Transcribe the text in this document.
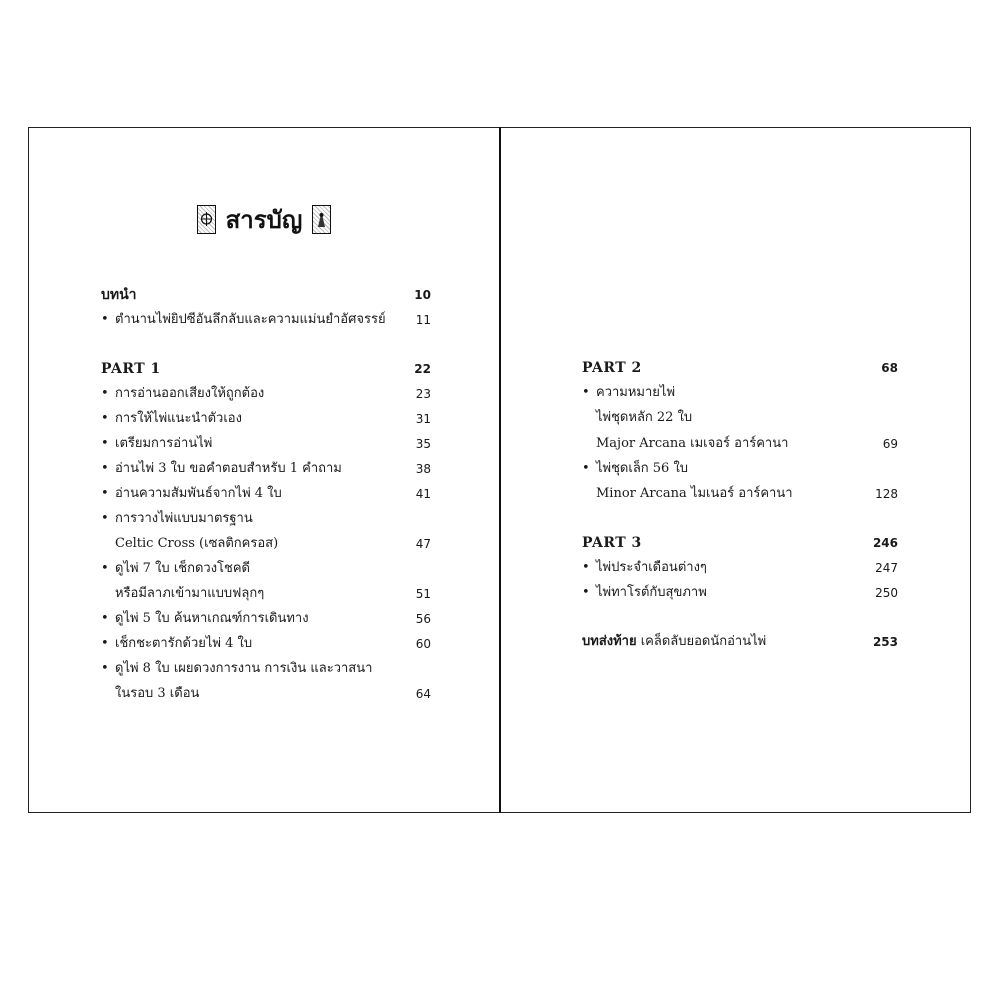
สารบัญ
บทนำ	10
• ตำนานไพ่ยิปซีอันลึกลับและความแม่นยำอัศจรรย์	11
PART 1	22
• การอ่านออกเสียงให้ถูกต้อง	23
• การให้ไพ่แนะนำตัวเอง	31
• เตรียมการอ่านไพ่	35
• อ่านไพ่ 3 ใบ ขอคำตอบสำหรับ 1 คำถาม	38
• อ่านความสัมพันธ์จากไพ่ 4 ใบ	41
• การวางไพ่แบบมาตรฐาน
Celtic Cross (เซลติกครอส)	47
• ดูไพ่ 7 ใบ เช็กดวงโชคดี
หรือมีลาภเข้ามาแบบฟลุกๆ	51
• ดูไพ่ 5 ใบ ค้นหาเกณฑ์การเดินทาง	56
• เช็กชะตารักด้วยไพ่ 4 ใบ	60
• ดูไพ่ 8 ใบ เผยดวงการงาน การเงิน และวาสนา
ในรอบ 3 เดือน	64
PART 2	68
• ความหมายไพ่
ไพ่ชุดหลัก 22 ใบ
Major Arcana เมเจอร์ อาร์คานา	69
• ไพ่ชุดเล็ก 56 ใบ
Minor Arcana ไมเนอร์ อาร์คานา	128
PART 3	246
• ไพ่ประจำเดือนต่างๆ	247
• ไพ่ทาโรต์กับสุขภาพ	250
บทส่งท้าย เคล็ดลับยอดนักอ่านไพ่	253
